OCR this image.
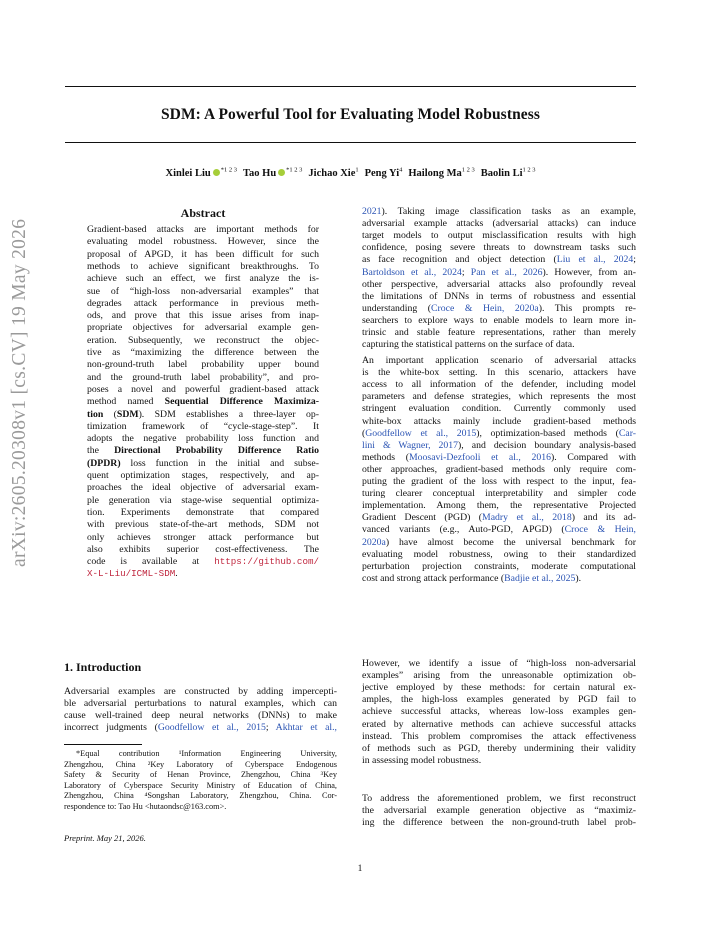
SDM: A Powerful Tool for Evaluating Model Robustness
Xinlei Liu $^{*1 2 3}$ Tao Hu $^{*1 2 3}$ Jichao Xie$^1$ Peng Yi$^4$ Hailong $Ma^{1 2 3}$ Baolin $Li^{1 2 3}$
arXiv:2605.20308v1 [cs.CV] 19 May 2026
Abstract
Gradient-based attacks are important methods for
evaluating model robustness. However, since the
proposal of APGD, it has been difficult for such
methods to achieve significant breakthroughs. To
achieve such an effect, we first analyze the is-
sue of “high-loss non-adversarial examples” that
degrades attack performance in previous meth-
ods, and prove that this issue arises from inap-
propriate objectives for adversarial example gen-
eration. Subsequently, we reconstruct the objec-
tive as “maximizing the difference between the
non-ground-truth label probability upper bound
and the ground-truth label probability”, and pro-
poses a novel and powerful gradient-based attack
method named Sequential Difference Maximiza-
tion (SDM). SDM establishes a three-layer op-
timization framework of “cycle-stage-step”. It
adopts the negative probability loss function and
the Directional Probability Difference Ratio
(DPDR) loss function in the initial and subse-
quent optimization stages, respectively, and ap-
proaches the ideal objective of adversarial exam-
ple generation via stage-wise sequential optimiza-
tion. Experiments demonstrate that compared
with previous state-of-the-art methods, SDM not
only achieves stronger attack performance but
also exhibits superior cost-effectiveness. The
code is available at https://github.com/
X-L-Liu/ICML-SDM.
1. Introduction
Adversarial examples are constructed by adding impercepti-
ble adversarial perturbations to natural examples, which can
cause well-trained deep neural networks (DNNs) to make
incorrect judgments (Goodfellow et al., 2015; Akhtar et al.,
*Equal contribution ¹Information Engineering University,
Zhengzhou, China ²Key Laboratory of Cyberspace Endogenous
Safety & Security of Henan Province, Zhengzhou, China ³Key
Laboratory of Cyberspace Security Ministry of Education of China,
Zhengzhou, China ⁴Songshan Laboratory, Zhengzhou, China. Cor-
respondence to: Tao Hu <hutaondsc@163.com>.
Preprint. May 21, 2026.
2021). Taking image classification tasks as an example,
adversarial example attacks (adversarial attacks) can induce
target models to output misclassification results with high
confidence, posing severe threats to downstream tasks such
as face recognition and object detection (Liu et al., 2024;
Bartoldson et al., 2024; Pan et al., 2026). However, from an-
other perspective, adversarial attacks also profoundly reveal
the limitations of DNNs in terms of robustness and essential
understanding (Croce & Hein, 2020a). This prompts re-
searchers to explore ways to enable models to learn more in-
trinsic and stable feature representations, rather than merely
capturing the statistical patterns on the surface of data.
An important application scenario of adversarial attacks
is the white-box setting. In this scenario, attackers have
access to all information of the defender, including model
parameters and defense strategies, which represents the most
stringent evaluation condition. Currently commonly used
white-box attacks mainly include gradient-based methods
(Goodfellow et al., 2015), optimization-based methods (Car-
lini & Wagner, 2017), and decision boundary analysis-based
methods (Moosavi-Dezfooli et al., 2016). Compared with
other approaches, gradient-based methods only require com-
puting the gradient of the loss with respect to the input, fea-
turing clearer conceptual interpretability and simpler code
implementation. Among them, the representative Projected
Gradient Descent (PGD) (Madry et al., 2018) and its ad-
vanced variants (e.g., Auto-PGD, APGD) (Croce & Hein,
2020a) have almost become the universal benchmark for
evaluating model robustness, owing to their standardized
perturbation projection constraints, moderate computational
cost and strong attack performance (Badjie et al., 2025).
However, we identify a issue of “high-loss non-adversarial
examples” arising from the unreasonable optimization ob-
jective employed by these methods: for certain natural ex-
amples, the high-loss examples generated by PGD fail to
achieve successful attacks, whereas low-loss examples gen-
erated by alternative methods can achieve successful attacks
instead. This problem compromises the attack effectiveness
of methods such as PGD, thereby undermining their validity
in assessing model robustness.
To address the aforementioned problem, we first reconstruct
the adversarial example generation objective as “maximiz-
ing the difference between the non-ground-truth label prob-
1
